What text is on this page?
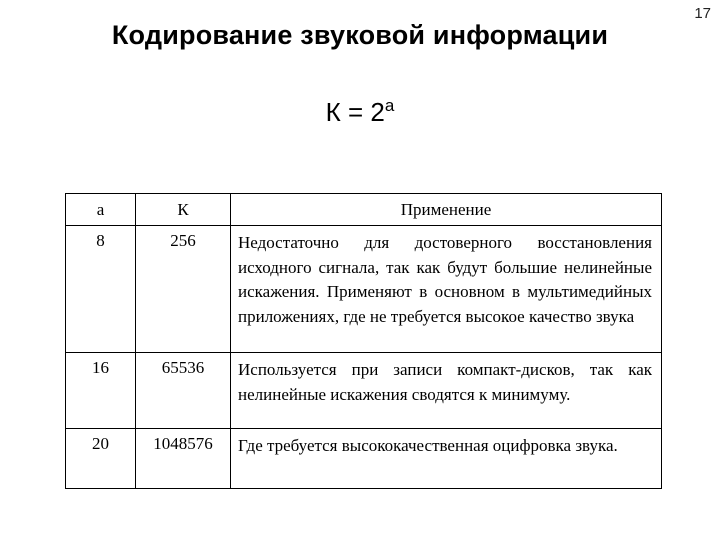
17
Кодирование звуковой информации
$К = 2^a$
a	К	Применение
8	256	Недостаточно для достоверного восстановления исходного сигнала, так как будут большие нелинейные искажения. Применяют в основном в мультимедийных приложениях, где не требуется высокое качество звука
16	65536	Используется при записи компакт-дисков, так как нелинейные искажения сводятся к минимуму.
20	1048576	Где требуется высококачественная оцифровка звука.
